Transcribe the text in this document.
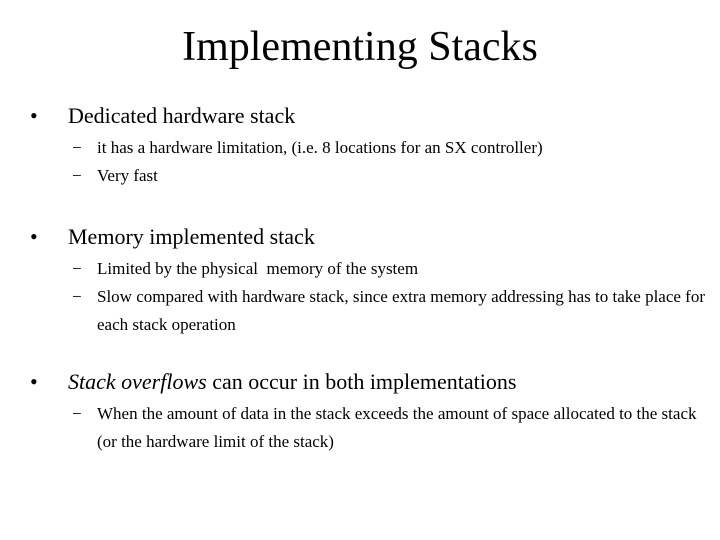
Implementing Stacks
• Dedicated hardware stack
− it has a hardware limitation, (i.e. 8 locations for an SX controller)
− Very fast
• Memory implemented stack
− Limited by the physical  memory of the system
− Slow compared with hardware stack, since extra memory addressing has to take place for each stack operation
• Stack overflows can occur in both implementations
− When the amount of data in the stack exceeds the amount of space allocated to the stack (or the hardware limit of the stack)
